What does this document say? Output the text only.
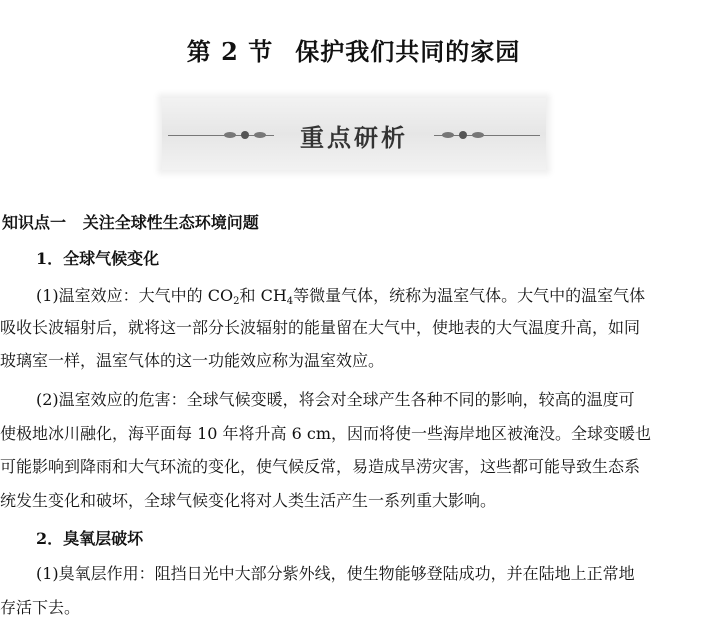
第 2 节 保护我们共同的家园
重点研析
知识点一 关注全球性生态环境问题
1．全球气候变化
(1)温室效应：大气中的 $CO_2$和 $CH_4$等微量气体，统称为温室气体。大气中的温室气体
吸收长波辐射后，就将这一部分长波辐射的能量留在大气中，使地表的大气温度升高，如同
玻璃室一样，温室气体的这一功能效应称为温室效应。
(2)温室效应的危害：全球气候变暖，将会对全球产生各种不同的影响，较高的温度可
使极地冰川融化，海平面每 10 年将升高 6 cm，因而将使一些海岸地区被淹没。全球变暖也
可能影响到降雨和大气环流的变化，使气候反常，易造成旱涝灾害，这些都可能导致生态系
统发生变化和破坏，全球气候变化将对人类生活产生一系列重大影响。
2．臭氧层破坏
(1)臭氧层作用：阻挡日光中大部分紫外线，使生物能够登陆成功，并在陆地上正常地
存活下去。
